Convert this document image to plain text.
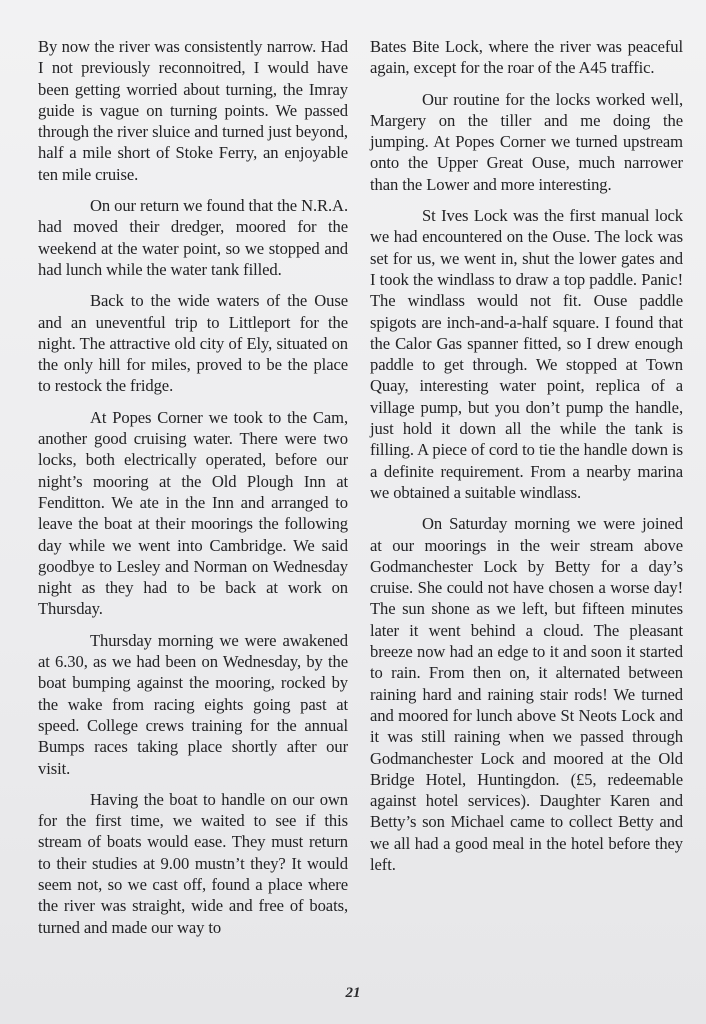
By now the river was consistently narrow. Had I not previously reconnoitred, I would have been getting worried about turning, the Imray guide is vague on turning points. We passed through the river sluice and turned just beyond, half a mile short of Stoke Ferry, an enjoyable ten mile cruise.

On our return we found that the N.R.A. had moved their dredger, moored for the weekend at the water point, so we stopped and had lunch while the water tank filled.

Back to the wide waters of the Ouse and an uneventful trip to Littleport for the night. The attractive old city of Ely, situated on the only hill for miles, proved to be the place to restock the fridge.

At Popes Corner we took to the Cam, another good cruising water. There were two locks, both electrically operated, before our night’s mooring at the Old Plough Inn at Fenditton. We ate in the Inn and arranged to leave the boat at their moorings the following day while we went into Cambridge. We said goodbye to Lesley and Norman on Wednesday night as they had to be back at work on Thursday.

Thursday morning we were awakened at 6.30, as we had been on Wednesday, by the boat bumping against the mooring, rocked by the wake from racing eights going past at speed. College crews training for the annual Bumps races taking place shortly after our visit.

Having the boat to handle on our own for the first time, we waited to see if this stream of boats would ease. They must return to their studies at 9.00 mustn’t they? It would seem not, so we cast off, found a place where the river was straight, wide and free of boats, turned and made our way to

Bates Bite Lock, where the river was peaceful again, except for the roar of the A45 traffic.

Our routine for the locks worked well, Margery on the tiller and me doing the jumping. At Popes Corner we turned upstream onto the Upper Great Ouse, much narrower than the Lower and more interesting.

St Ives Lock was the first manual lock we had encountered on the Ouse. The lock was set for us, we went in, shut the lower gates and I took the windlass to draw a top paddle. Panic! The windlass would not fit. Ouse paddle spigots are inch-and-a-half square. I found that the Calor Gas spanner fitted, so I drew enough paddle to get through. We stopped at Town Quay, interesting water point, replica of a village pump, but you don’t pump the handle, just hold it down all the while the tank is filling. A piece of cord to tie the handle down is a definite requirement. From a nearby marina we obtained a suitable windlass.

On Saturday morning we were joined at our moorings in the weir stream above Godmanchester Lock by Betty for a day’s cruise. She could not have chosen a worse day! The sun shone as we left, but fifteen minutes later it went behind a cloud. The pleasant breeze now had an edge to it and soon it started to rain. From then on, it alternated between raining hard and raining stair rods! We turned and moored for lunch above St Neots Lock and it was still raining when we passed through Godmanchester Lock and moored at the Old Bridge Hotel, Huntingdon. (£5, redeemable against hotel services). Daughter Karen and Betty’s son Michael came to collect Betty and we all had a good meal in the hotel before they left.

21
